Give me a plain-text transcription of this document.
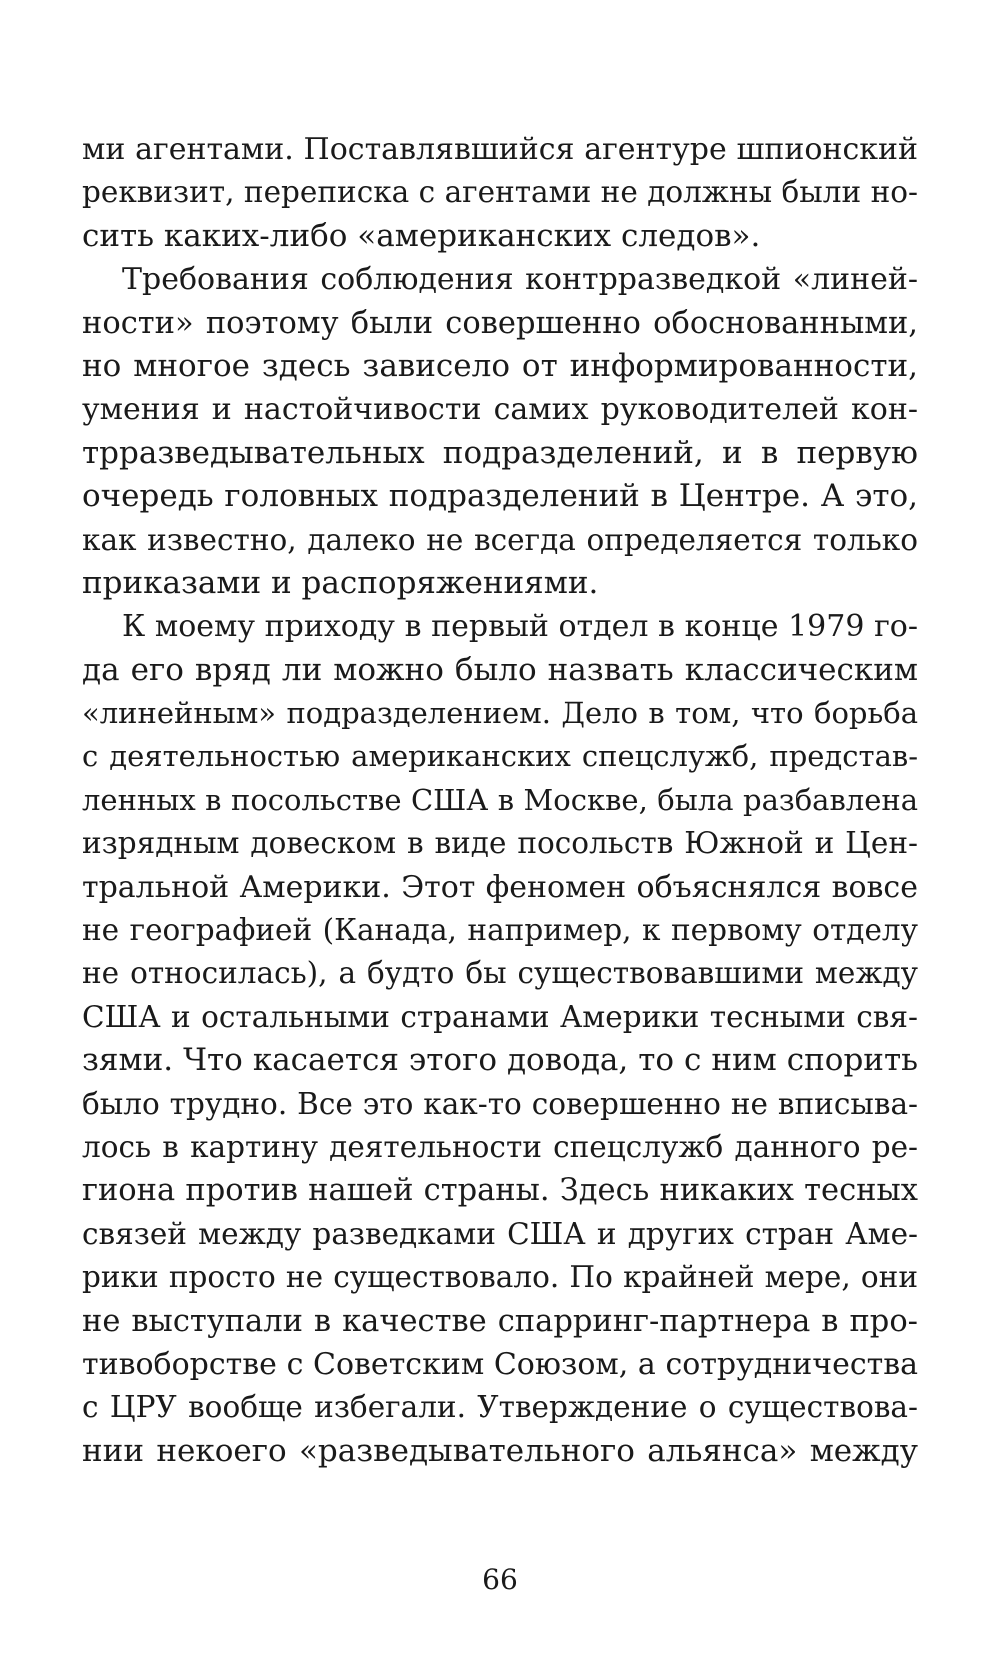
ми агентами. Поставлявшийся агентуре шпионский
реквизит, переписка с агентами не должны были но-
сить каких-либо «американских следов».
Требования соблюдения контрразведкой «линей-
ности» поэтому были совершенно обоснованными,
но многое здесь зависело от информированности,
умения и настойчивости самих руководителей кон-
трразведывательных подразделений, и в первую
очередь головных подразделений в Центре. А это,
как известно, далеко не всегда определяется только
приказами и распоряжениями.
К моему приходу в первый отдел в конце 1979 го-
да его вряд ли можно было назвать классическим
«линейным» подразделением. Дело в том, что борьба
с деятельностью американских спецслужб, представ-
ленных в посольстве США в Москве, была разбавлена
изрядным довеском в виде посольств Южной и Цен-
тральной Америки. Этот феномен объяснялся вовсе
не географией (Канада, например, к первому отделу
не относилась), а будто бы существовавшими между
США и остальными странами Америки тесными свя-
зями. Что касается этого довода, то с ним спорить
было трудно. Все это как-то совершенно не вписыва-
лось в картину деятельности спецслужб данного ре-
гиона против нашей страны. Здесь никаких тесных
связей между разведками США и других стран Аме-
рики просто не существовало. По крайней мере, они
не выступали в качестве спарринг-партнера в про-
тивоборстве с Советским Союзом, а сотрудничества
с ЦРУ вообще избегали. Утверждение о существова-
нии некоего «разведывательного альянса» между
66
